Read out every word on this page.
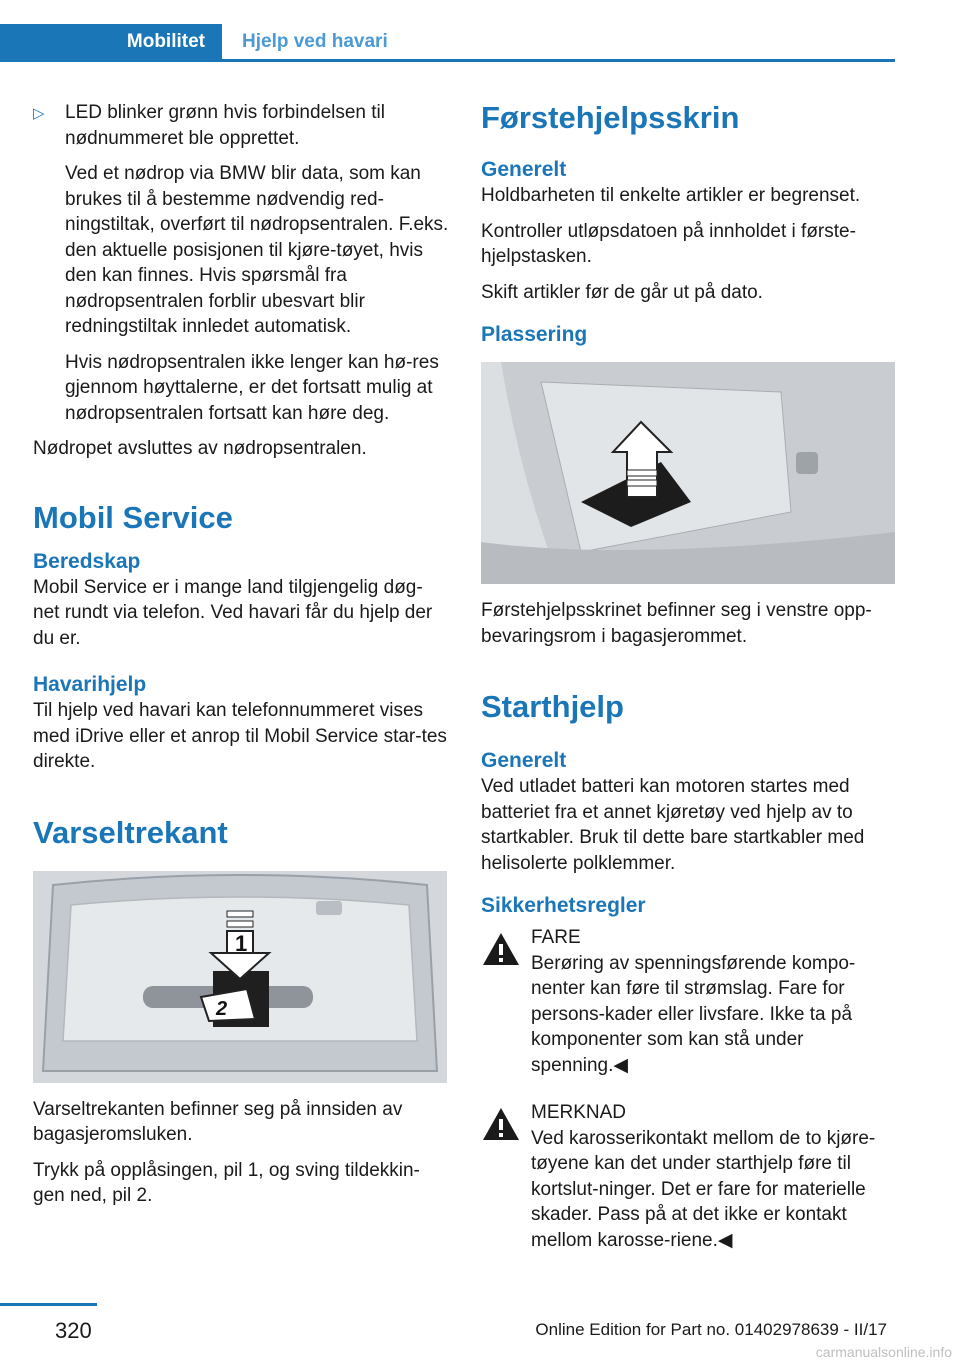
Mobilitet	Hjelp ved havari

▷ LED blinker grønn hvis forbindelsen til nødnummeret ble opprettet.

Ved et nødrop via BMW blir data, som kan brukes til å bestemme nødvendig red-ningstiltak, overført til nødropsentralen. F.eks. den aktuelle posisjonen til kjøre-tøyet, hvis den kan finnes. Hvis spørsmål fra nødropsentralen forblir ubesvart blir redningstiltak innledet automatisk.

Hvis nødropsentralen ikke lenger kan hø-res gjennom høyttalerne, er det fortsatt mulig at nødropsentralen fortsatt kan høre deg.

Nødropet avsluttes av nødropsentralen.

Mobil Service
Beredskap

Mobil Service er i mange land tilgjengelig døg-net rundt via telefon. Ved havari får du hjelp der du er.

Havarihjelp

Til hjelp ved havari kan telefonnummeret vises med iDrive eller et anrop til Mobil Service star-tes direkte.

Varseltrekant
1
2

Varseltrekanten befinner seg på innsiden av bagasjeromsluken.

Trykk på opplåsingen, pil 1, og sving tildekkin-gen ned, pil 2.

Førstehjelpsskrin
Generelt

Holdbarheten til enkelte artikler er begrenset.

Kontroller utløpsdatoen på innholdet i første-hjelpstasken.

Skift artikler før de går ut på dato.

Plassering

Førstehjelpsskrinet befinner seg i venstre opp-bevaringsrom i bagasjerommet.

Starthjelp
Generelt

Ved utladet batteri kan motoren startes med batteriet fra et annet kjøretøy ved hjelp av to startkabler. Bruk til dette bare startkabler med helisolerte polklemmer.

Sikkerhetsregler
FARE
Berøring av spenningsførende kompo-nenter kan føre til strømslag. Fare for persons-kader eller livsfare. Ikke ta på komponenter som kan stå under spenning.◀
MERKNAD
Ved karosserikontakt mellom de to kjøre-tøyene kan det under starthjelp føre til kortslut-ninger. Det er fare for materielle skader. Pass på at det ikke er kontakt mellom karosse-riene.◀
320	Online Edition for Part no. 01402978639 - II/17
carmanualsonline.info
